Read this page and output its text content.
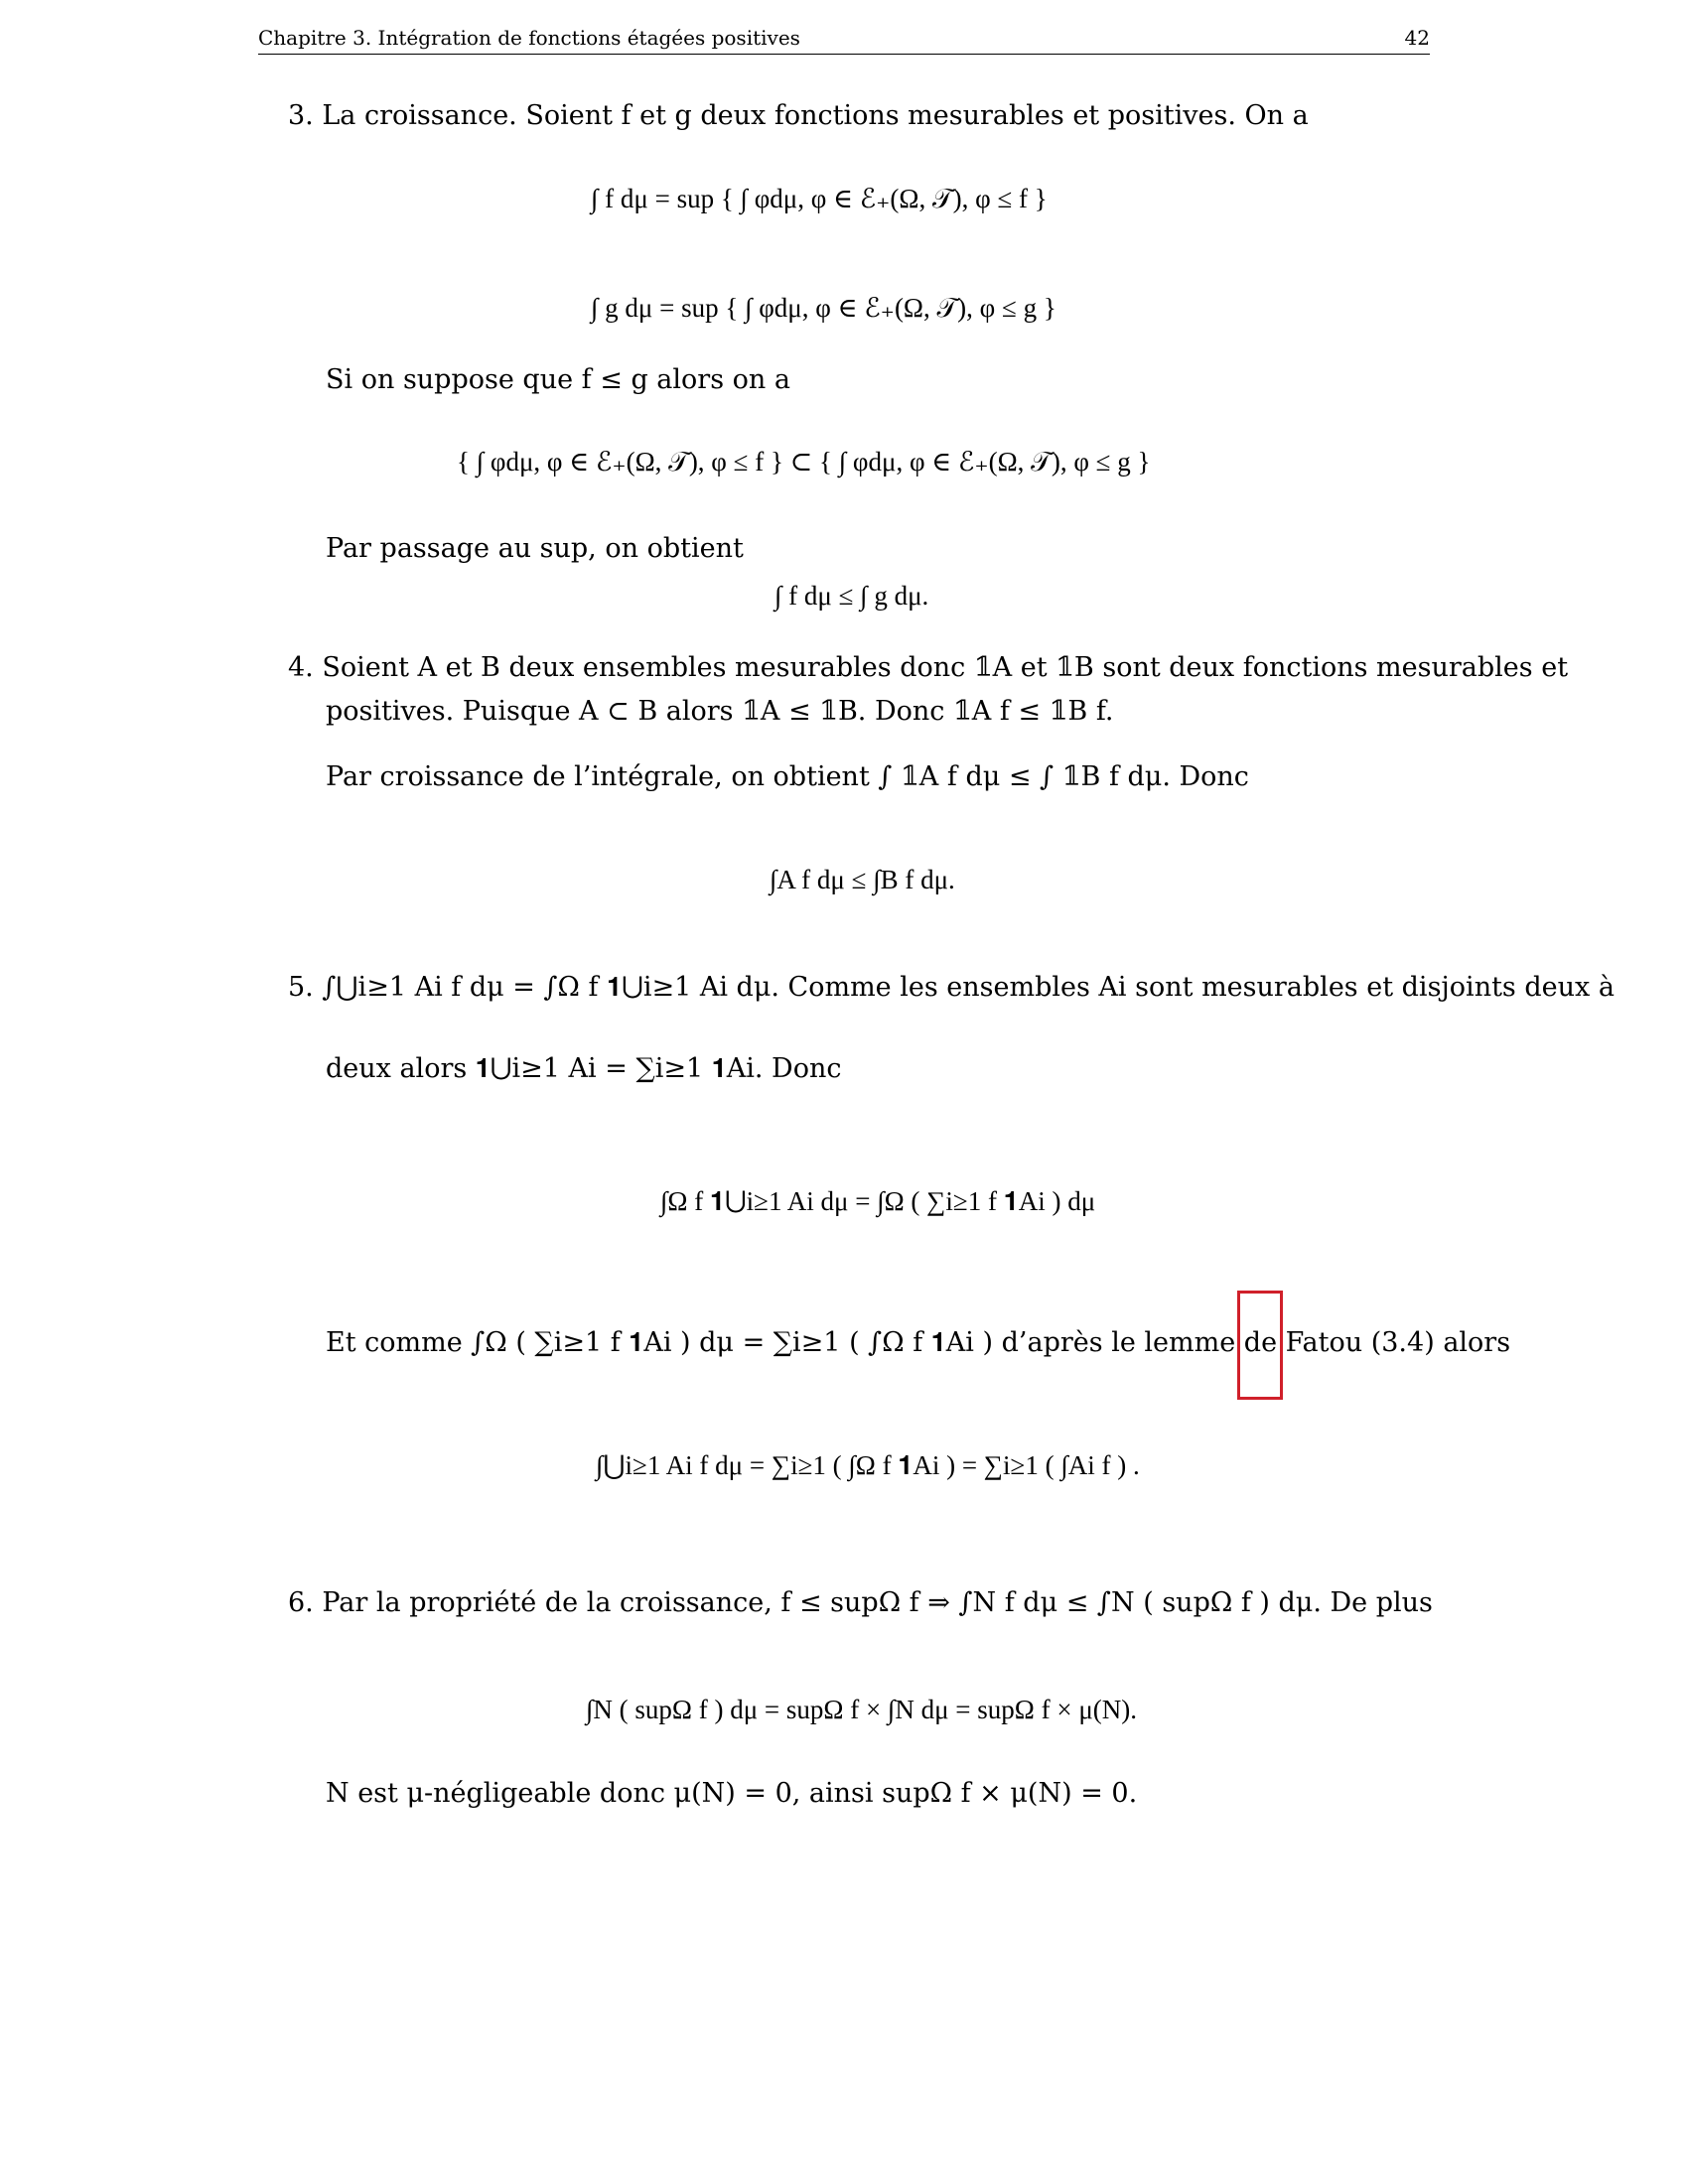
Chapitre 3. Intégration de fonctions étagées positives	42
3. La croissance. Soient f et g deux fonctions mesurables et positives. On a
∫ f dμ = sup { ∫ φdμ, φ ∈ ℰ₊(Ω, 𝒯), φ ≤ f }
∫ g dμ = sup { ∫ φdμ, φ ∈ ℰ₊(Ω, 𝒯), φ ≤ g }
Si on suppose que f ≤ g alors on a
{ ∫ φdμ, φ ∈ ℰ₊(Ω, 𝒯), φ ≤ f } ⊂ { ∫ φdμ, φ ∈ ℰ₊(Ω, 𝒯), φ ≤ g }
Par passage au sup, on obtient
∫ f dμ ≤ ∫ g dμ.
4. Soient A et B deux ensembles mesurables donc 𝟙A et 𝟙B sont deux fonctions mesurables et
positives. Puisque A ⊂ B alors 𝟙A ≤ 𝟙B. Donc 𝟙A f ≤ 𝟙B f.
Par croissance de l’intégrale, on obtient ∫ 𝟙A f dμ ≤ ∫ 𝟙B f dμ. Donc
∫A f dμ ≤ ∫B f dμ.
5. ∫⋃i≥1 Ai f dμ = ∫Ω f 𝟏⋃i≥1 Ai dμ. Comme les ensembles Ai sont mesurables et disjoints deux à
deux alors 𝟏⋃i≥1 Ai = ∑i≥1 𝟏Ai. Donc
∫Ω f 𝟏⋃i≥1 Ai dμ = ∫Ω ( ∑i≥1 f 𝟏Ai ) dμ
Et comme ∫Ω ( ∑i≥1 f 𝟏Ai ) dμ = ∑i≥1 ( ∫Ω f 𝟏Ai ) d’après le lemme de Fatou (3.4) alors
∫⋃i≥1 Ai f dμ = ∑i≥1 ( ∫Ω f 𝟏Ai ) = ∑i≥1 ( ∫Ai f ) .
6. Par la propriété de la croissance, f ≤ supΩ f ⇒ ∫N f dμ ≤ ∫N ( supΩ f ) dμ. De plus
∫N ( supΩ f ) dμ = supΩ f × ∫N dμ = supΩ f × μ(N).
N est μ-négligeable donc μ(N) = 0, ainsi supΩ f × μ(N) = 0.
